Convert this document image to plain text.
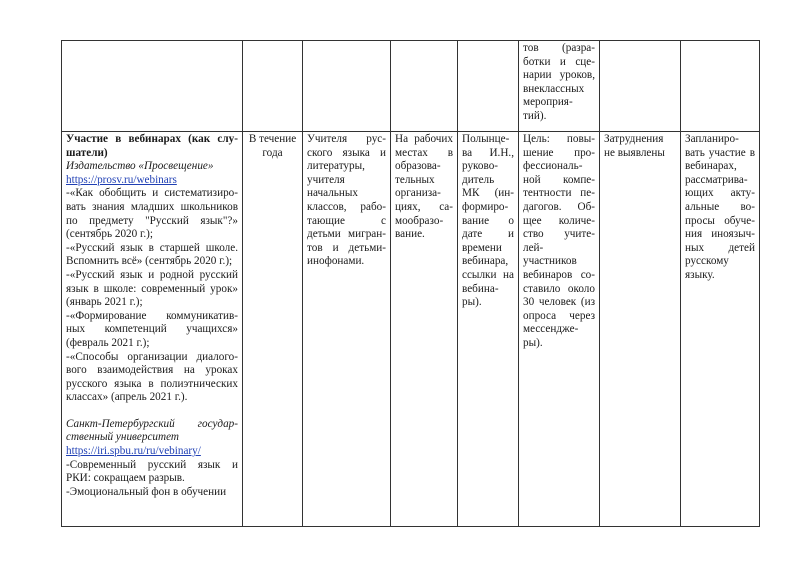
					тов (разра-ботки и сце-нарии уроков, внеклассных мероприя-тий).		

Участие в вебинарах (как слу-шатели)
Издательство «Просвещение»
https://prosv.ru/webinars
-«Как обобщить и систематизиро-вать знания младших школьников по предмету "Русский язык"?» (сентябрь 2020 г.);
-«Русский язык в старшей школе. Вспомнить всё» (сентябрь 2020 г.);
-«Русский язык и родной русский язык в школе: современный урок» (январь 2021 г.);
-«Формирование коммуникатив-ных компетенций учащихся» (февраль 2021 г.);
-«Способы организации диалого-вого взаимодействия на уроках русского языка в полиэтнических классах» (апрель 2021 г.).
Санкт-Петербургский государ-ственный университет
https://iri.spbu.ru/ru/vebinary/
-Современный русский язык и РКИ: сокращаем разрыв.
-Эмоциональный фон в обучении
	В течение года	Учителя рус-ского языка и литературы, учителя начальных классов, рабо-тающие с детьми мигран-тов и детьми-инофонами.	На рабочих местах в образова-тельных организа-циях, са-мообразо-вание.	Полынце-ва И.Н., руково-дитель МК (ин-формиро-вание о дате и времени вебинара, ссылки на вебина-ры).	Цель: повы-шение про-фессиональ-ной компе-тентности пе-дагогов. Об-щее количе-ство учите-лей-участников вебинаров со-ставило около 30 человек (из опроса через мессендже-ры).	Затруднения не выявлены	Запланиро-вать участие в вебинарах, рассматрива-ющих акту-альные во-просы обуче-ния иноязыч-ных детей русскому языку.
